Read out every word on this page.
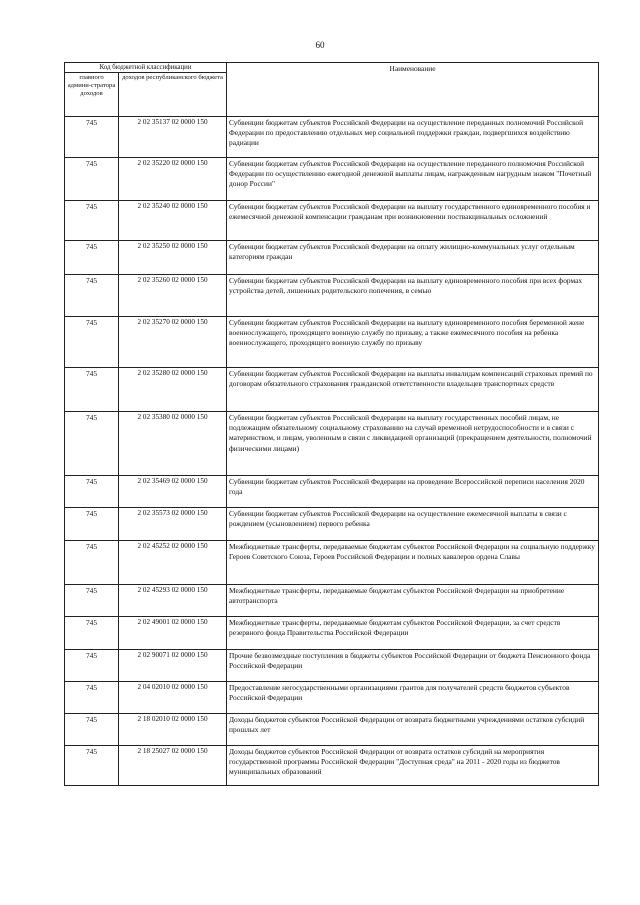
60
Код бюджетной классификации		Наименование
главного админи-стратора доходов	доходов республиканского бюджета	
745	2 02 35137 02 0000 150	Субвенции бюджетам субъектов Российской Федерации на осуществление переданных полномочий Российской Федерации по предоставлению отдельных мер социальной поддержки граждан, подвергшихся воздействию радиации
745	2 02 35220 02 0000 150	Субвенции бюджетам субъектов Российской Федерации на осуществление переданного полномочия Российской Федерации по осуществлению ежегодной денежной выплаты лицам, награжденным нагрудным знаком "Почетный донор России"
745	2 02 35240 02 0000 150	Субвенции бюджетам субъектов Российской Федерации на выплату государственного единовременного пособия и ежемесячной денежной компенсации гражданам при возникновении поствакцинальных осложнений
745	2 02 35250 02 0000 150	Субвенции бюджетам субъектов Российской Федерации на оплату жилищно-коммунальных услуг отдельным категориям граждан
745	2 02 35260 02 0000 150	Субвенции бюджетам субъектов Российской Федерации на выплату единовременного пособия при всех формах устройства детей, лишенных родительского попечения, в семью
745	2 02 35270 02 0000 150	Субвенции бюджетам субъектов Российской Федерации на выплату единовременного пособия беременной жене военнослужащего, проходящего военную службу по призыву, а также ежемесячного пособия на ребенка военнослужащего, проходящего военную службу по призыву
745	2 02 35280 02 0000 150	Субвенции бюджетам субъектов Российской Федерации на выплаты инвалидам компенсаций страховых премий по договорам обязательного страхования гражданской ответственности владельцев транспортных средств
745	2 02 35380 02 0000 150	Субвенции бюджетам субъектов Российской Федерации на выплату государственных пособий лицам, не подлежащим обязательному социальному страхованию на случай временной нетрудоспособности и в связи с материнством, и лицам, уволенным в связи с ликвидацией организаций (прекращением деятельности, полномочий физическими лицами)
745	2 02 35469 02 0000 150	Субвенции бюджетам субъектов Российской Федерации на проведение Всероссийской переписи населения 2020 года
745	2 02 35573 02 0000 150	Субвенции бюджетам субъектов Российской Федерации на осуществление ежемесячной выплаты в связи с рождением (усыновлением) первого ребенка
745	2 02 45252 02 0000 150	Межбюджетные трансферты, передаваемые бюджетам субъектов Российской Федерации на социальную поддержку Героев Советского Союза, Героев Российской Федерации и полных кавалеров ордена Славы
745	2 02 45293 02 0000 150	Межбюджетные трансферты, передаваемые бюджетам субъектов Российской Федерации на приобретение автотранспорта
745	2 02 49001 02 0000 150	Межбюджетные трансферты, передаваемые бюджетам субъектов Российской Федерации, за счет средств резервного фонда Правительства Российской Федерации
745	2 02 90071 02 0000 150	Прочие безвозмездные поступления в бюджеты субъектов Российской Федерации от бюджета Пенсионного фонда Российской Федерации
745	2 04 02010 02 0000 150	Предоставление негосударственными организациями грантов для получателей средств бюджетов субъектов Российской Федерации
745	2 18 02010 02 0000 150	Доходы бюджетов субъектов Российской Федерации от возврата бюджетными учреждениями остатков субсидий прошлых лет
745	2 18 25027 02 0000 150	Доходы бюджетов субъектов Российской Федерации от возврата остатков субсидий на мероприятия государственной программы Российской Федерации "Доступная среда" на 2011 - 2020 годы из бюджетов муниципальных образований
